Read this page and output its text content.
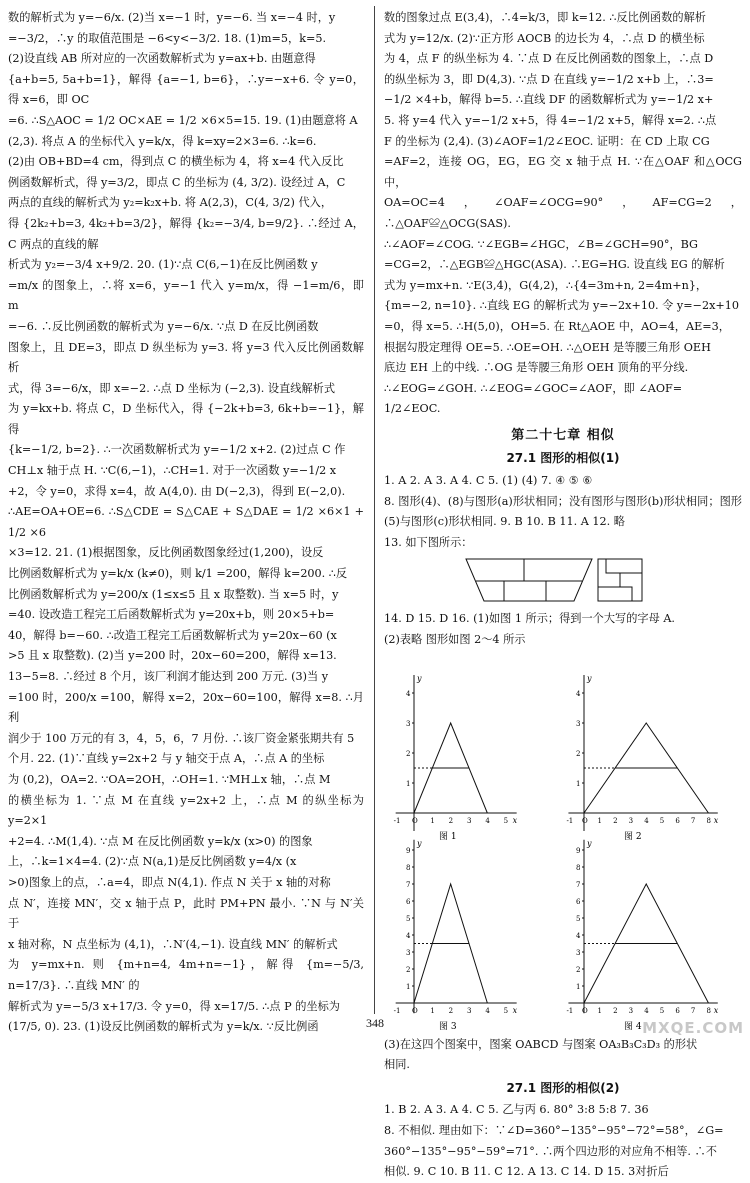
数的解析式为 y=−6/x. (2)当 x=−1 时，y=−6. 当 x=−4 时，y

=−3/2，∴y 的取值范围是 −6<y<−3/2. 18. (1)m=5，k=5.

(2)设直线 AB 所对应的一次函数解析式为 y=ax+b. 由题意得

{a+b=5, 5a+b=1}，解得 {a=−1, b=6}，∴y=−x+6. 令 y=0，得 x=6，即 OC

=6. ∴S△AOC = 1/2 OC×AE = 1/2 ×6×5=15. 19. (1)由题意将 A

(2,3). 将点 A 的坐标代入 y=k/x，得 k=xy=2×3=6. ∴k=6.

(2)由 OB+BD=4 cm，得到点 C 的横坐标为 4，将 x=4 代入反比

例函数解析式，得 y=3/2，即点 C 的坐标为 (4, 3/2). 设经过 A，C

两点的直线的解析式为 y₂=k₂x+b. 将 A(2,3)，C(4, 3/2) 代入，

得 {2k₂+b=3, 4k₂+b=3/2}，解得 {k₂=−3/4, b=9/2}. ∴经过 A，C 两点的直线的解

析式为 y₂=−3/4 x+9/2. 20. (1)∵点 C(6,−1)在反比例函数 y

=m/x 的图象上，∴将 x=6，y=−1 代入 y=m/x，得 −1=m/6，即 m

=−6. ∴反比例函数的解析式为 y=−6/x. ∵点 D 在反比例函数

图象上，且 DE=3，即点 D 纵坐标为 y=3. 将 y=3 代入反比例函数解析

式，得 3=−6/x，即 x=−2. ∴点 D 坐标为 (−2,3). 设直线解析式

为 y=kx+b. 将点 C，D 坐标代入，得 {−2k+b=3, 6k+b=−1}，解得

{k=−1/2, b=2}. ∴一次函数解析式为 y=−1/2 x+2. (2)过点 C 作

CH⊥x 轴于点 H. ∵C(6,−1)，∴CH=1. 对于一次函数 y=−1/2 x

+2，令 y=0，求得 x=4，故 A(4,0). 由 D(−2,3)，得到 E(−2,0).

∴AE=OA+OE=6. ∴S△CDE = S△CAE + S△DAE = 1/2 ×6×1 + 1/2 ×6

×3=12. 21. (1)根据图象，反比例函数图象经过(1,200)，设反

比例函数解析式为 y=k/x (k≠0)，则 k/1 =200，解得 k=200. ∴反

比例函数解析式为 y=200/x (1≤x≤5 且 x 取整数). 当 x=5 时，y

=40. 设改造工程完工后函数解析式为 y=20x+b，则 20×5+b=

40，解得 b=−60. ∴改造工程完工后函数解析式为 y=20x−60 (x

>5 且 x 取整数). (2)当 y=200 时，20x−60=200，解得 x=13.

13−5=8. ∴经过 8 个月，该厂利润才能达到 200 万元. (3)当 y

=100 时，200/x =100，解得 x=2，20x−60=100，解得 x=8. ∴月利

润少于 100 万元的有 3，4，5，6，7 月份. ∴该厂资金紧张期共有 5

个月. 22. (1)∵直线 y=2x+2 与 y 轴交于点 A，∴点 A 的坐标

为 (0,2)，OA=2. ∵OA=2OH，∴OH=1. ∵MH⊥x 轴，∴点 M

的横坐标为 1. ∵点 M 在直线 y=2x+2 上，∴点 M 的纵坐标为 y=2×1

+2=4. ∴M(1,4). ∵点 M 在反比例函数 y=k/x (x>0) 的图象

上，∴k=1×4=4. (2)∵点 N(a,1)是反比例函数 y=4/x (x

>0)图象上的点，∴a=4，即点 N(4,1). 作点 N 关于 x 轴的对称

点 N′，连接 MN′，交 x 轴于点 P，此时 PM+PN 最小. ∵N 与 N′关于

x 轴对称，N 点坐标为 (4,1)，∴N′(4,−1). 设直线 MN′ 的解析式

为 y=mx+n. 则 {m+n=4, 4m+n=−1}，解得 {m=−5/3, n=17/3}. ∴直线 MN′ 的

解析式为 y=−5/3 x+17/3. 令 y=0，得 x=17/5. ∴点 P 的坐标为

(17/5, 0). 23. (1)设反比例函数的解析式为 y=k/x. ∵反比例函

数的图象过点 E(3,4)，∴4=k/3，即 k=12. ∴反比例函数的解析

式为 y=12/x. (2)∵正方形 AOCB 的边长为 4，∴点 D 的横坐标

为 4，点 F 的纵坐标为 4. ∵点 D 在反比例函数的图象上，∴点 D

的纵坐标为 3，即 D(4,3). ∵点 D 在直线 y=−1/2 x+b 上，∴3=

−1/2 ×4+b，解得 b=5. ∴直线 DF 的函数解析式为 y=−1/2 x+

5. 将 y=4 代入 y=−1/2 x+5，得 4=−1/2 x+5，解得 x=2. ∴点

F 的坐标为 (2,4). (3)∠AOF=1/2∠EOC. 证明：在 CD 上取 CG

=AF=2，连接 OG，EG，EG 交 x 轴于点 H. ∵在△OAF 和△OCG 中，

OA=OC=4，∠OAF=∠OCG=90°，AF=CG=2，∴△OAF≌△OCG(SAS).

∴∠AOF=∠COG. ∵∠EGB=∠HGC，∠B=∠GCH=90°，BG

=CG=2，∴△EGB≌△HGC(ASA). ∴EG=HG. 设直线 EG 的解析

式为 y=mx+n. ∵E(3,4)，G(4,2)，∴{4=3m+n, 2=4m+n}，

{m=−2, n=10}. ∴直线 EG 的解析式为 y=−2x+10. 令 y=−2x+10

=0，得 x=5. ∴H(5,0)，OH=5. 在 Rt△AOE 中，AO=4，AE=3，

根据勾股定理得 OE=5. ∴OE=OH. ∴△OEH 是等腰三角形 OEH

底边 EH 上的中线. ∴OG 是等腰三角形 OEH 顶角的平分线.

∴∠EOG=∠GOH. ∴∠EOG=∠GOC=∠AOF，即 ∠AOF=

1/2∠EOC.

第二十七章 相似
27.1 图形的相似(1)

1. A 2. A 3. A 4. C 5. (1) (4) 7. ④ ⑤ ⑥

8. 图形(4)、(8)与图形(a)形状相同；没有图形与图形(b)形状相同；图形(5)与图形(c)形状相同. 9. B 10. B 11. A 12. 略

13. 如下图所示：

14. D 15. D 16. (1)如图 1 所示；得到一个大写的字母 A.

(2)表略 图形如图 2～4 所示

x
y
-1 O 1 2 3 4 5
1
2
3
4
图 1
x
y
-1 O 1 2 3 4 5 6 7 8
1
2
3
4
图 2
x
y
-1 O 1 2 3 4 5
1
2
3
4
5
6
7
8
9
图 3
x
y
-1 O 1 2 3 4 5 6 7 8
1
2
3
4
5
6
7
8
9
图 4

(3)在这四个图案中，图案 OABCD 与图案 OA₃B₃C₃D₃ 的形状

相同.

27.1 图形的相似(2)

1. B 2. A 3. A 4. C 5. 乙与丙 6. 80° 3:8 5:8 7. 36

8. 不相似. 理由如下：∵∠D=360°−135°−95°−72°=58°，∠G=

360°−135°−95°−59°=71°. ∴两个四边形的对应角不相等. ∴不

相似. 9. C 10. B 11. C 12. A 13. C 14. D 15. 3对折后

348	MXQE.COM
